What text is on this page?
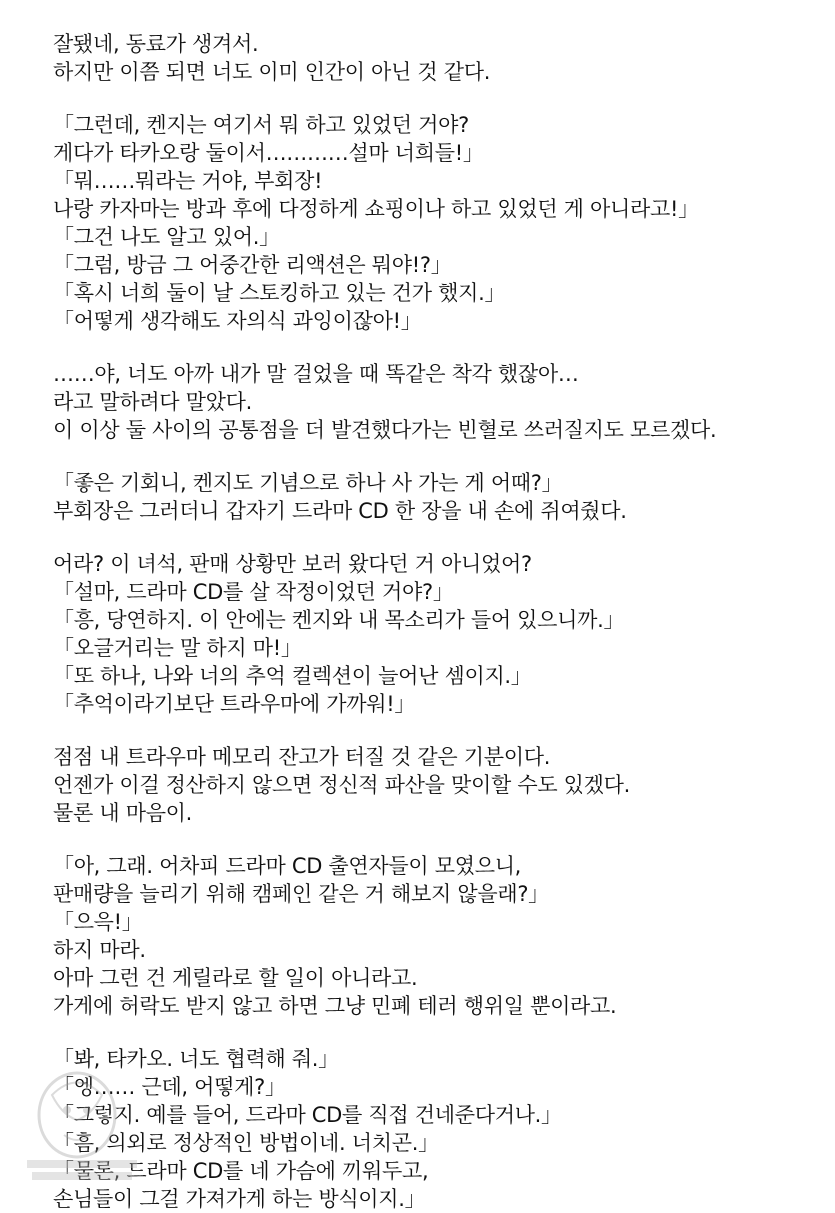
잘됐네, 동료가 생겨서.
하지만 이쯤 되면 너도 이미 인간이 아닌 것 같다.
「그런데, 켄지는 여기서 뭐 하고 있었던 거야?
게다가 타카오랑 둘이서…………설마 너희들!」
「뭐……뭐라는 거야, 부회장!
나랑 카자마는 방과 후에 다정하게 쇼핑이나 하고 있었던 게 아니라고!」
「그건 나도 알고 있어.」
「그럼, 방금 그 어중간한 리액션은 뭐야!?」
「혹시 너희 둘이 날 스토킹하고 있는 건가 했지.」
「어떻게 생각해도 자의식 과잉이잖아!」
……야, 너도 아까 내가 말 걸었을 때 똑같은 착각 했잖아…
라고 말하려다 말았다.
이 이상 둘 사이의 공통점을 더 발견했다가는 빈혈로 쓰러질지도 모르겠다.
「좋은 기회니, 켄지도 기념으로 하나 사 가는 게 어때?」
부회장은 그러더니 갑자기 드라마 CD 한 장을 내 손에 쥐여줬다.
어라? 이 녀석, 판매 상황만 보러 왔다던 거 아니었어?
「설마, 드라마 CD를 살 작정이었던 거야?」
「흥, 당연하지. 이 안에는 켄지와 내 목소리가 들어 있으니까.」
「오글거리는 말 하지 마!」
「또 하나, 나와 너의 추억 컬렉션이 늘어난 셈이지.」
「추억이라기보단 트라우마에 가까워!」
점점 내 트라우마 메모리 잔고가 터질 것 같은 기분이다.
언젠가 이걸 정산하지 않으면 정신적 파산을 맞이할 수도 있겠다.
물론 내 마음이.
「아, 그래. 어차피 드라마 CD 출연자들이 모였으니,
판매량을 늘리기 위해 캠페인 같은 거 해보지 않을래?」
「으윽!」
하지 마라.
아마 그런 건 게릴라로 할 일이 아니라고.
가게에 허락도 받지 않고 하면 그냥 민폐 테러 행위일 뿐이라고.
「봐, 타카오. 너도 협력해 줘.」
「엥…… 근데, 어떻게?」
「그렇지. 예를 들어, 드라마 CD를 직접 건네준다거나.」
「흠, 의외로 정상적인 방법이네. 너치곤.」
「물론, 드라마 CD를 네 가슴에 끼워두고,
손님들이 그걸 가져가게 하는 방식이지.」
